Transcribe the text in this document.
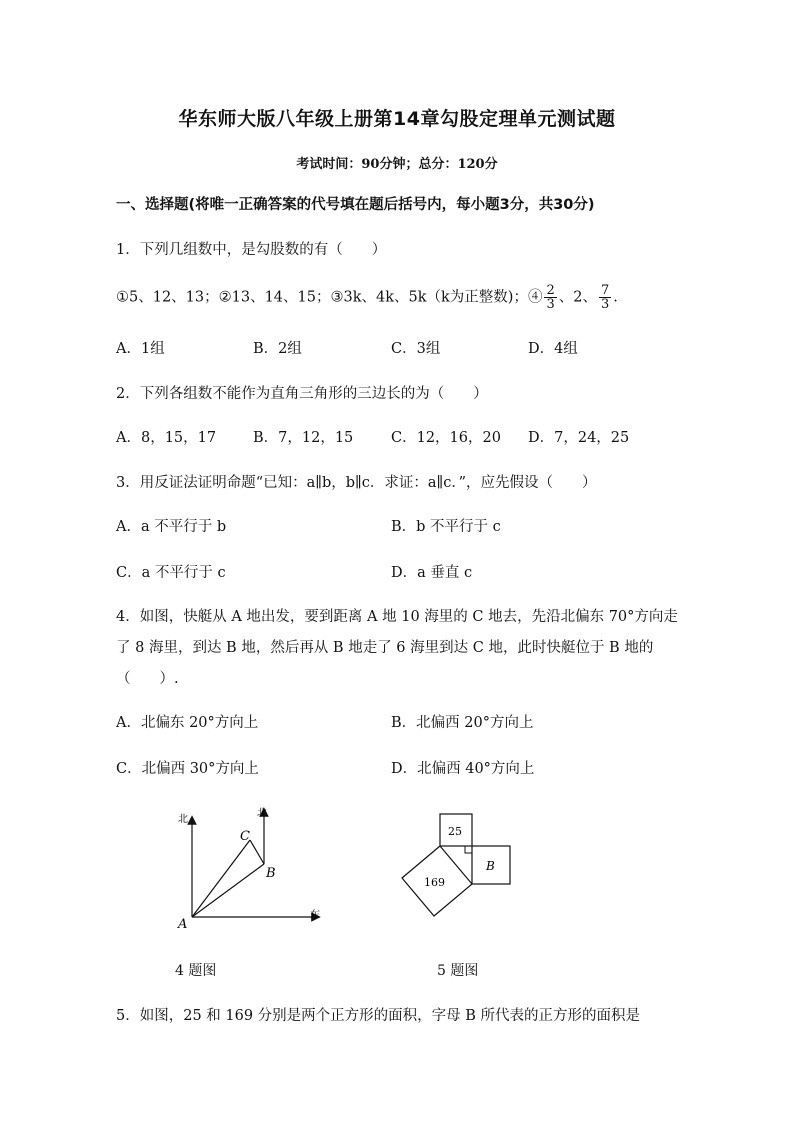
华东师大版八年级上册第14章勾股定理单元测试题
考试时间：90分钟；总分：120分
一、选择题(将唯一正确答案的代号填在题后括号内，每小题3分，共30分)
1．下列几组数中，是勾股数的有（　　）
①5、12、13；②13、14、15；③3k、4k、5k（k为正整数)；④ $\frac{2}{3}$ 、2、 $\frac{7}{3}$ .
A．1组	B．2组	C．3组	D．4组
2．下列各组数不能作为直角三角形的三边长的为（　　）
A．8，15，17	B．7，12，15	C．12，16，20 D．7，24，25
3．用反证法证明命题“已知：a∥b，b∥c．求证：a∥c．”，应先假设（　　）
A．a 不平行于 b	B．b 不平行于 c
C．a 不平行于 c	D．a 垂直 c
4．如图，快艇从 A 地出发，要到距离 A 地 10 海里的 C 地去，先沿北偏东 70°方向走
了 8 海里，到达 B 地，然后再从 B 地走了 6 海里到达 C 地，此时快艇位于 B 地的
（　　）.
A．北偏东 20°方向上	B．北偏西 20°方向上
C．北偏西 30°方向上	D．北偏西 40°方向上
北
北
东
A
B
C
4 题图
25
169
B
5 题图
5．如图，25 和 169 分别是两个正方形的面积，字母 B 所代表的正方形的面积是
